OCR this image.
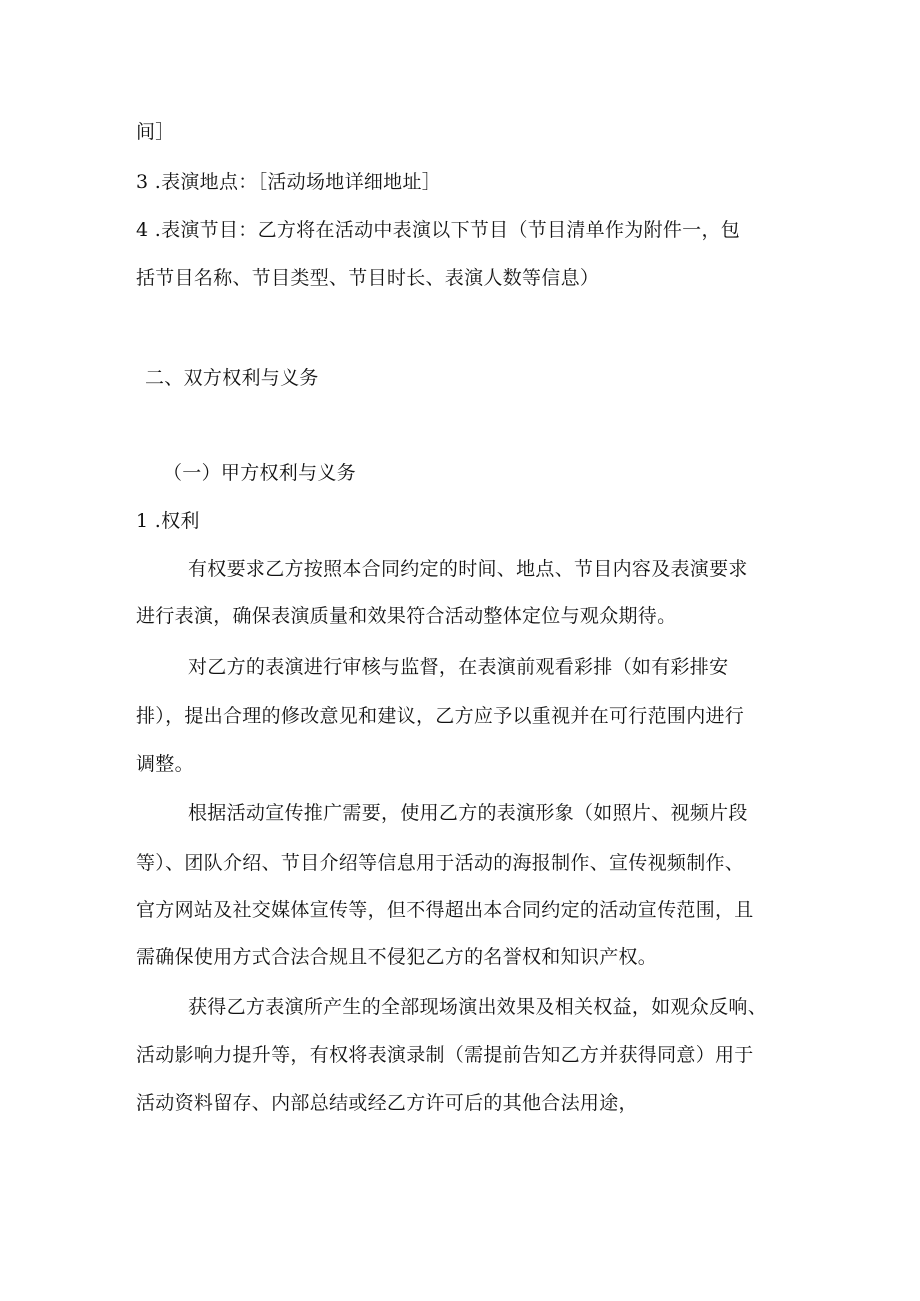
间］
3 .表演地点：［活动场地详细地址］
4 .表演节目：乙方将在活动中表演以下节目（节目清单作为附件一，包
括节目名称、节目类型、节目时长、表演人数等信息）
二、双方权利与义务
（一）甲方权利与义务
1 .权利
有权要求乙方按照本合同约定的时间、地点、节目内容及表演要求
进行表演，确保表演质量和效果符合活动整体定位与观众期待。
对乙方的表演进行审核与监督，在表演前观看彩排（如有彩排安
排），提出合理的修改意见和建议，乙方应予以重视并在可行范围内进行
调整。
根据活动宣传推广需要，使用乙方的表演形象（如照片、视频片段
等）、团队介绍、节目介绍等信息用于活动的海报制作、宣传视频制作、
官方网站及社交媒体宣传等，但不得超出本合同约定的活动宣传范围，且
需确保使用方式合法合规且不侵犯乙方的名誉权和知识产权。
获得乙方表演所产生的全部现场演出效果及相关权益，如观众反响、
活动影响力提升等，有权将表演录制（需提前告知乙方并获得同意）用于
活动资料留存、内部总结或经乙方许可后的其他合法用途，
